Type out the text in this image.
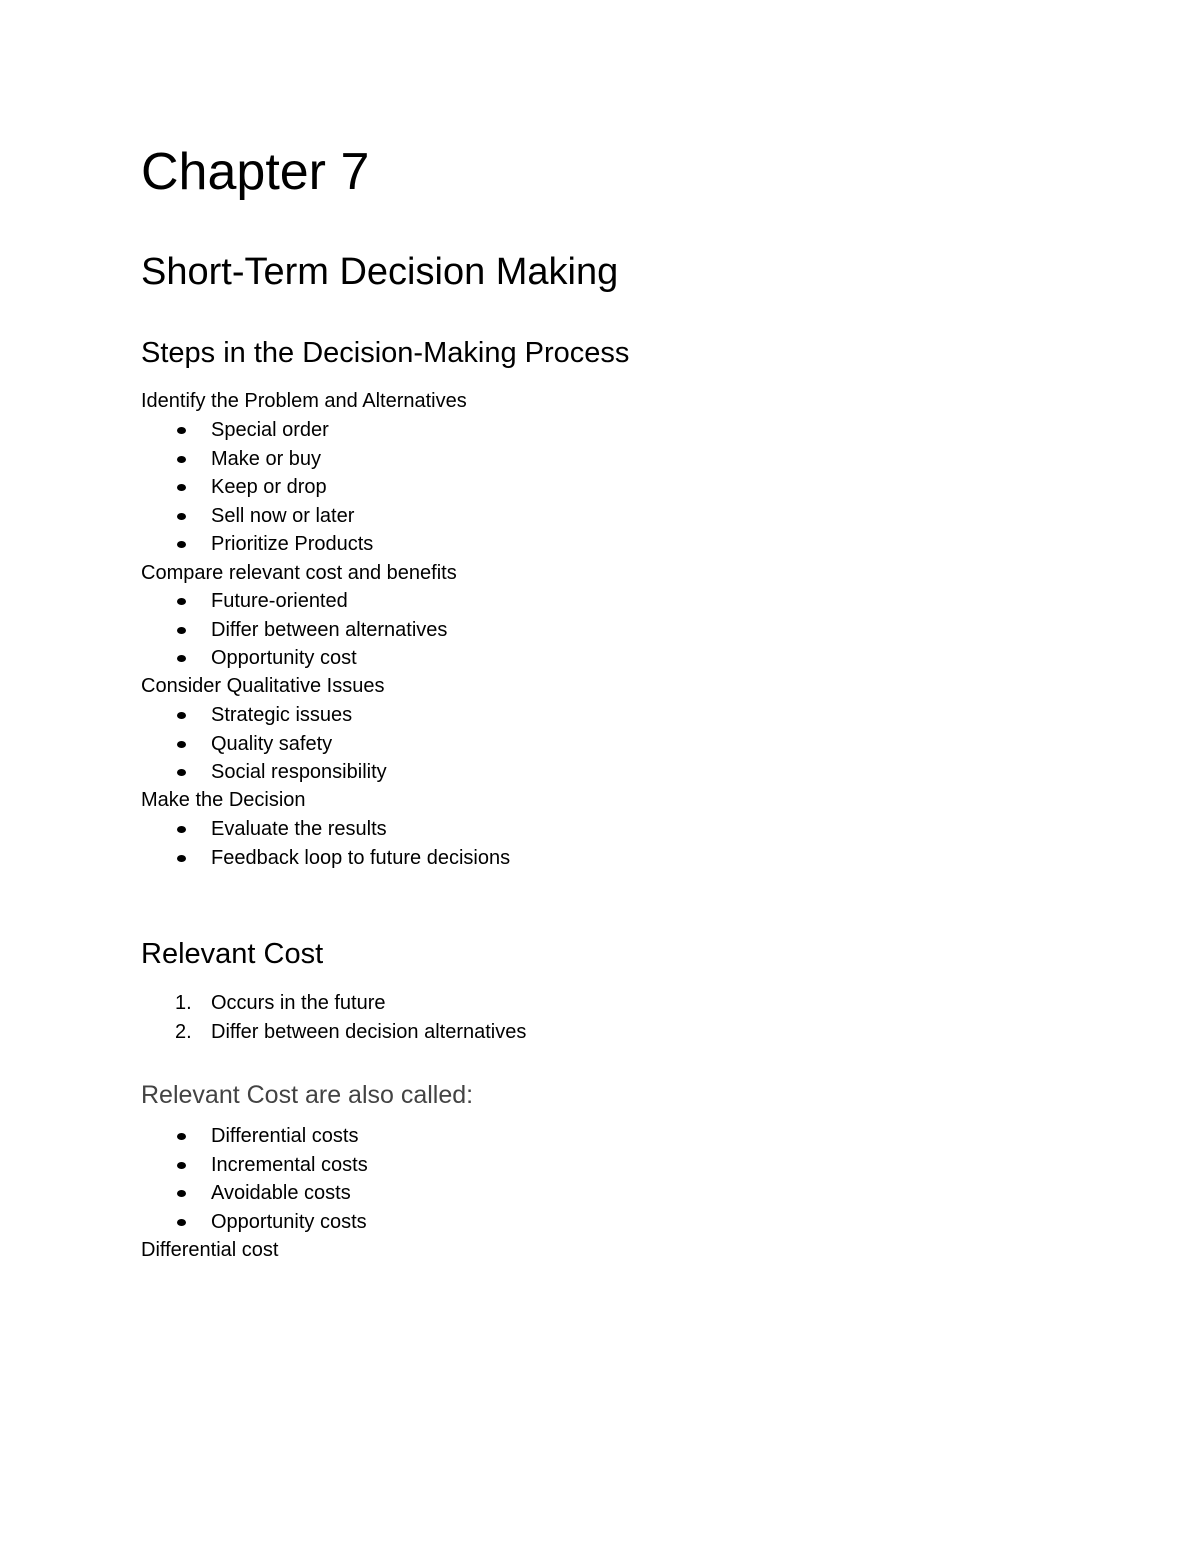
Chapter 7
Short-Term Decision Making
Steps in the Decision-Making Process

Identify the Problem and Alternatives

Special order
Make or buy
Keep or drop
Sell now or later
Prioritize Products

Compare relevant cost and benefits

Future-oriented
Differ between alternatives
Opportunity cost

Consider Qualitative Issues

Strategic issues
Quality safety
Social responsibility

Make the Decision

Evaluate the results
Feedback loop to future decisions
Relevant Cost
1. Occurs in the future
2. Differ between decision alternatives
Relevant Cost are also called:
Differential costs
Incremental costs
Avoidable costs
Opportunity costs

Differential cost
